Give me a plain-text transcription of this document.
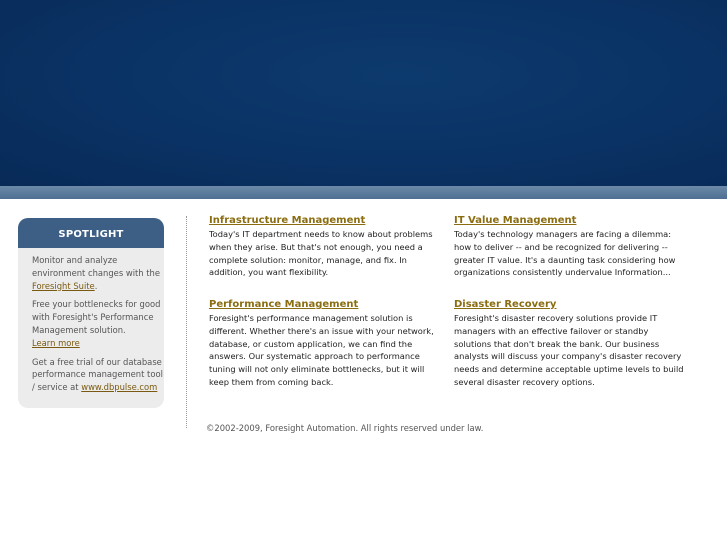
SPOTLIGHT

Monitor and analyze environment changes with the Foresight Suite.

Free your bottlenecks for good with Foresight's Performance Management solution.
Learn more

Get a free trial of our database performance management tool / service at www.dbpulse.com

Infrastructure Management

Today's IT department needs to know about problems when they arise. But that's not enough, you need a complete solution: monitor, manage, and fix. In addition, you want flexibility.

IT Value Management

Today's technology managers are facing a dilemma: how to deliver -- and be recognized for delivering -- greater IT value. It's a daunting task considering how organizations consistently undervalue Information...

Performance Management

Foresight's performance management solution is different. Whether there's an issue with your network, database, or custom application, we can find the answers. Our systematic approach to performance tuning will not only eliminate bottlenecks, but it will keep them from coming back.

Disaster Recovery

Foresight's disaster recovery solutions provide IT managers with an effective failover or standby solutions that don't break the bank. Our business analysts will discuss your company's disaster recovery needs and determine acceptable uptime levels to build several disaster recovery options.

©2002-2009, Foresight Automation. All rights reserved under law.
